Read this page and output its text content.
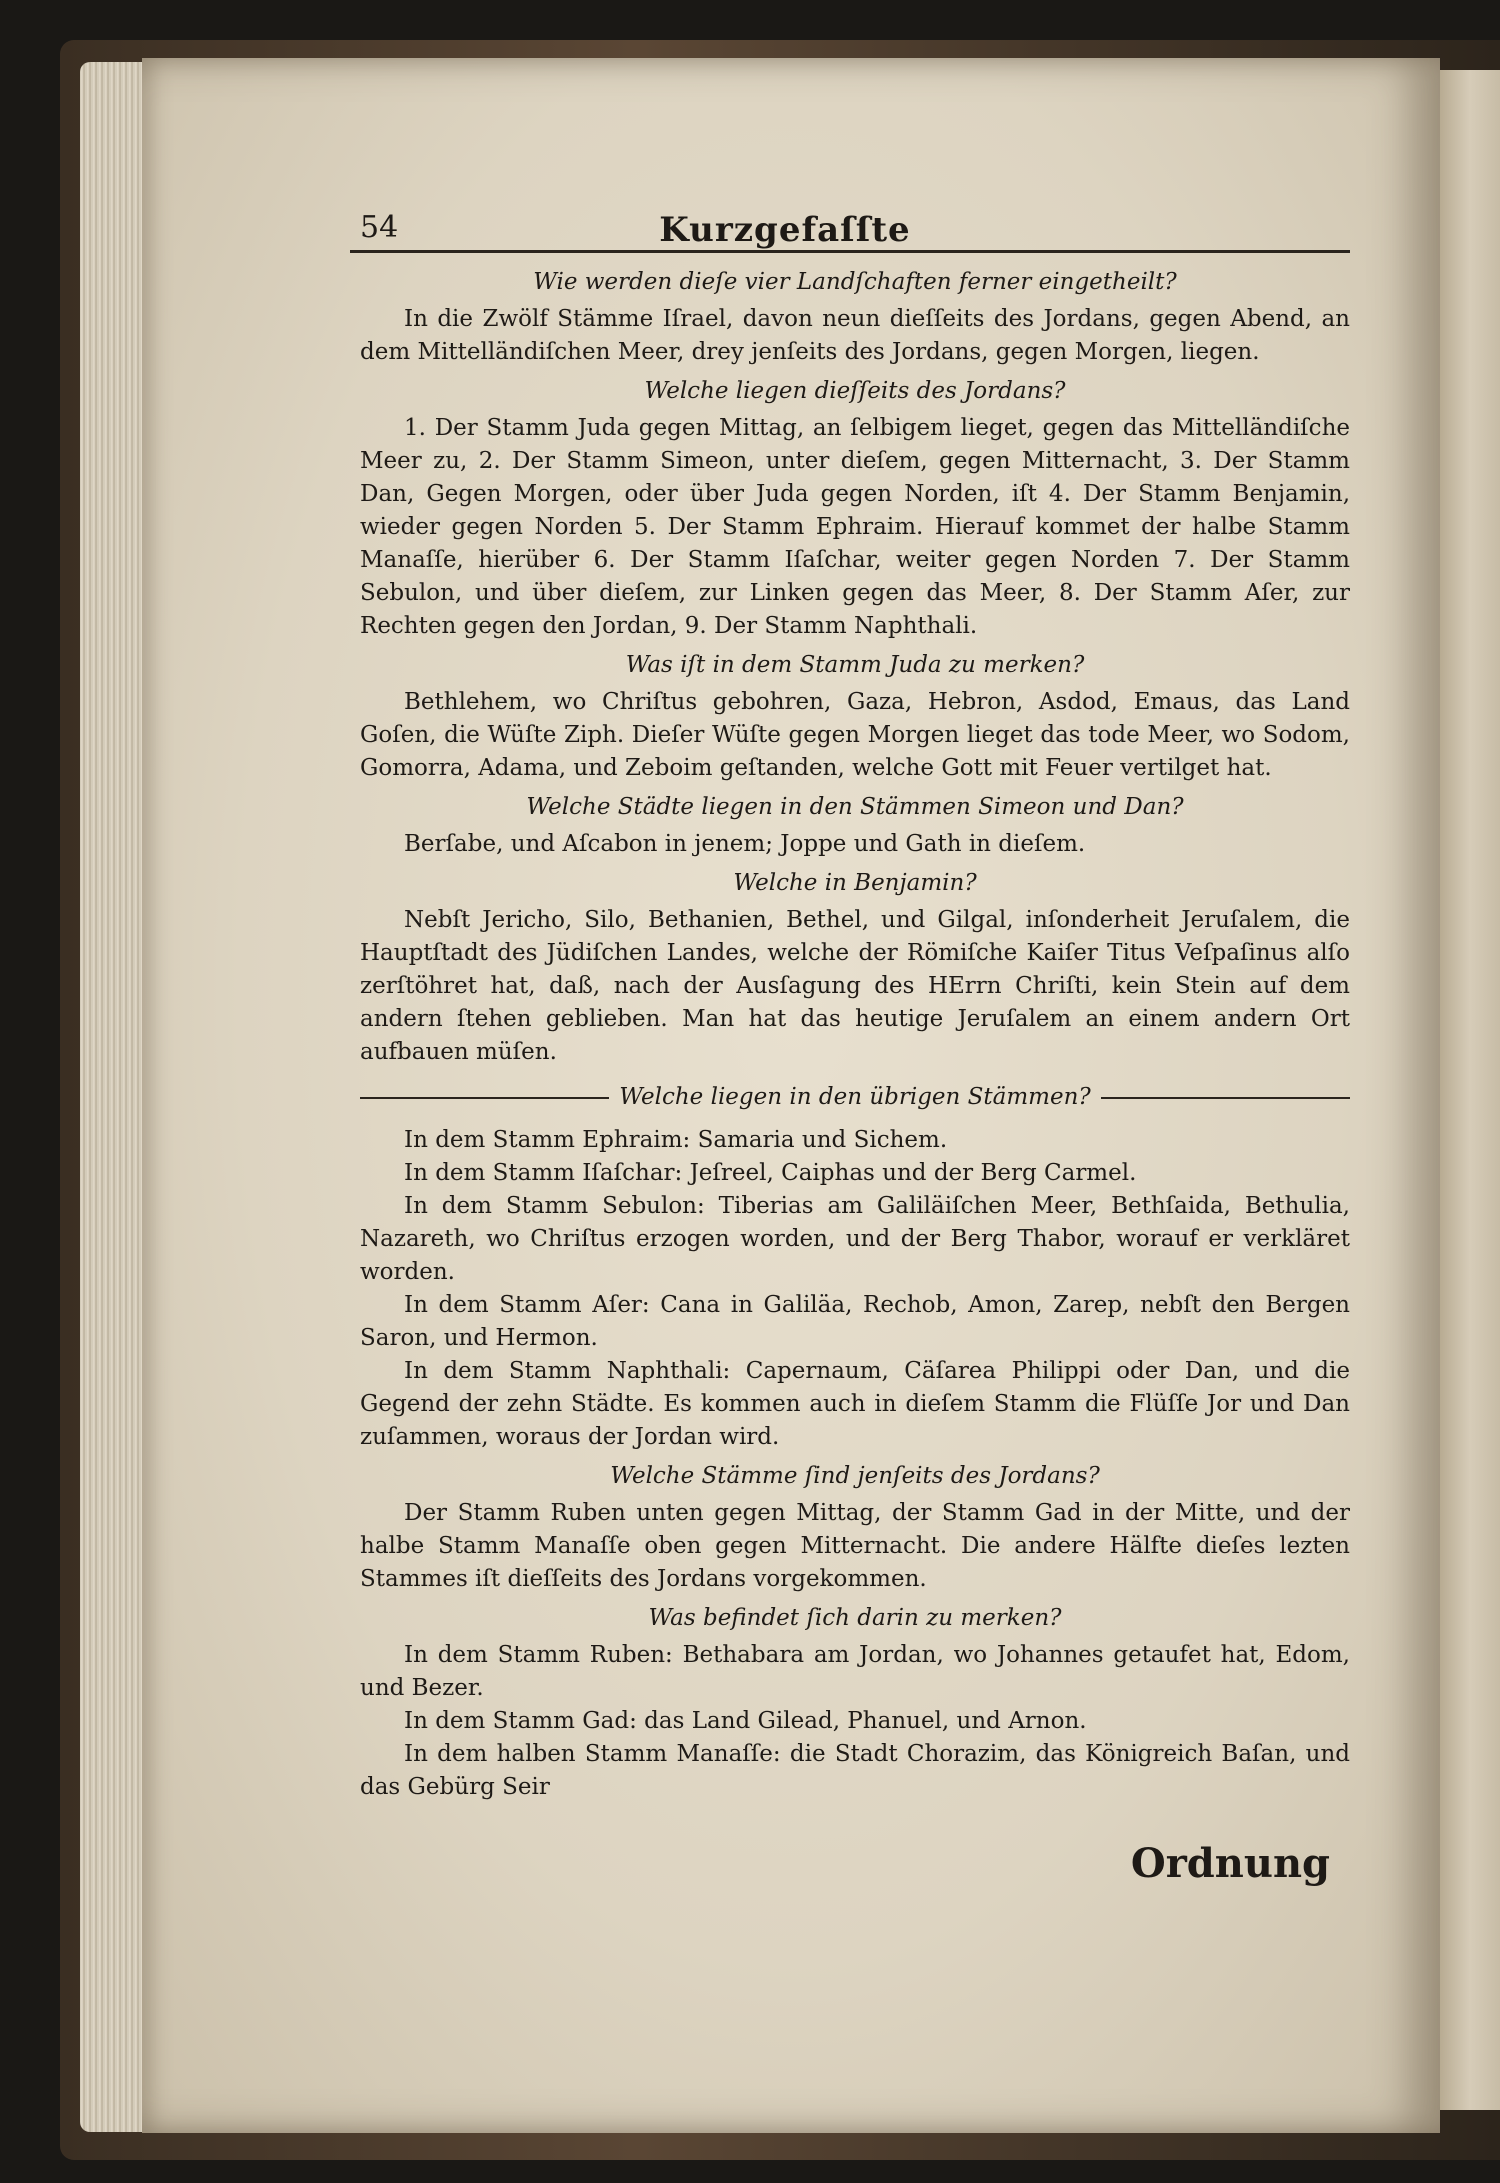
54	Kurzgefaſſte
Wie werden dieſe vier Landſchaften ferner eingetheilt?

In die Zwölf Stämme Iſrael, davon neun dieſſeits des Jordans, gegen Abend, an dem Mittelländiſchen Meer, drey jenſeits des Jordans, gegen Morgen, liegen.

Welche liegen dieſſeits des Jordans?

1. Der Stamm Juda gegen Mittag, an ſelbigem lieget, gegen das Mittelländiſche Meer zu, 2. Der Stamm Simeon, unter dieſem, gegen Mitternacht, 3. Der Stamm Dan, Gegen Morgen, oder über Juda gegen Norden, iſt 4. Der Stamm Benjamin, wieder gegen Norden 5. Der Stamm Ephraim. Hierauf kommet der halbe Stamm Manaſſe, hierüber 6. Der Stamm Iſaſchar, weiter gegen Norden 7. Der Stamm Sebulon, und über dieſem, zur Linken gegen das Meer, 8. Der Stamm Aſer, zur Rechten gegen den Jordan, 9. Der Stamm Naphthali.

Was iſt in dem Stamm Juda zu merken?

Bethlehem, wo Chriſtus gebohren, Gaza, Hebron, Asdod, Emaus, das Land Goſen, die Wüſte Ziph. Dieſer Wüſte gegen Morgen lieget das tode Meer, wo Sodom, Gomorra, Adama, und Zeboim geſtanden, welche Gott mit Feuer vertilget hat.

Welche Städte liegen in den Stämmen Simeon und Dan?

Berſabe, und Aſcabon in jenem; Joppe und Gath in dieſem.

Welche in Benjamin?

Nebſt Jericho, Silo, Bethanien, Bethel, und Gilgal, inſonderheit Jeruſalem, die Hauptſtadt des Jüdiſchen Landes, welche der Römiſche Kaiſer Titus Veſpaſinus alſo zerſtöhret hat, daß, nach der Ausſagung des HErrn Chriſti, kein Stein auf dem andern ſtehen geblieben. Man hat das heutige Jeruſalem an einem andern Ort aufbauen müſen.

Welche liegen in den übrigen Stämmen?

In dem Stamm Ephraim: Samaria und Sichem.

In dem Stamm Iſaſchar: Jeſreel, Caiphas und der Berg Carmel.

In dem Stamm Sebulon: Tiberias am Galiläiſchen Meer, Bethſaida, Bethulia, Nazareth, wo Chriſtus erzogen worden, und der Berg Thabor, worauf er verkläret worden.

In dem Stamm Aſer: Cana in Galiläa, Rechob, Amon, Zarep, nebſt den Bergen Saron, und Hermon.

In dem Stamm Naphthali: Capernaum, Cäſarea Philippi oder Dan, und die Gegend der zehn Städte. Es kommen auch in dieſem Stamm die Flüſſe Jor und Dan zuſammen, woraus der Jordan wird.

Welche Stämme ſind jenſeits des Jordans?

Der Stamm Ruben unten gegen Mittag, der Stamm Gad in der Mitte, und der halbe Stamm Manaſſe oben gegen Mitternacht. Die andere Hälfte dieſes lezten Stammes iſt dieſſeits des Jordans vorgekommen.

Was befindet ſich darin zu merken?

In dem Stamm Ruben: Bethabara am Jordan, wo Johannes getaufet hat, Edom, und Bezer.

In dem Stamm Gad: das Land Gilead, Phanuel, und Arnon.

In dem halben Stamm Manaſſe: die Stadt Chorazim, das Königreich Baſan, und das Gebürg Seir

Ordnung
